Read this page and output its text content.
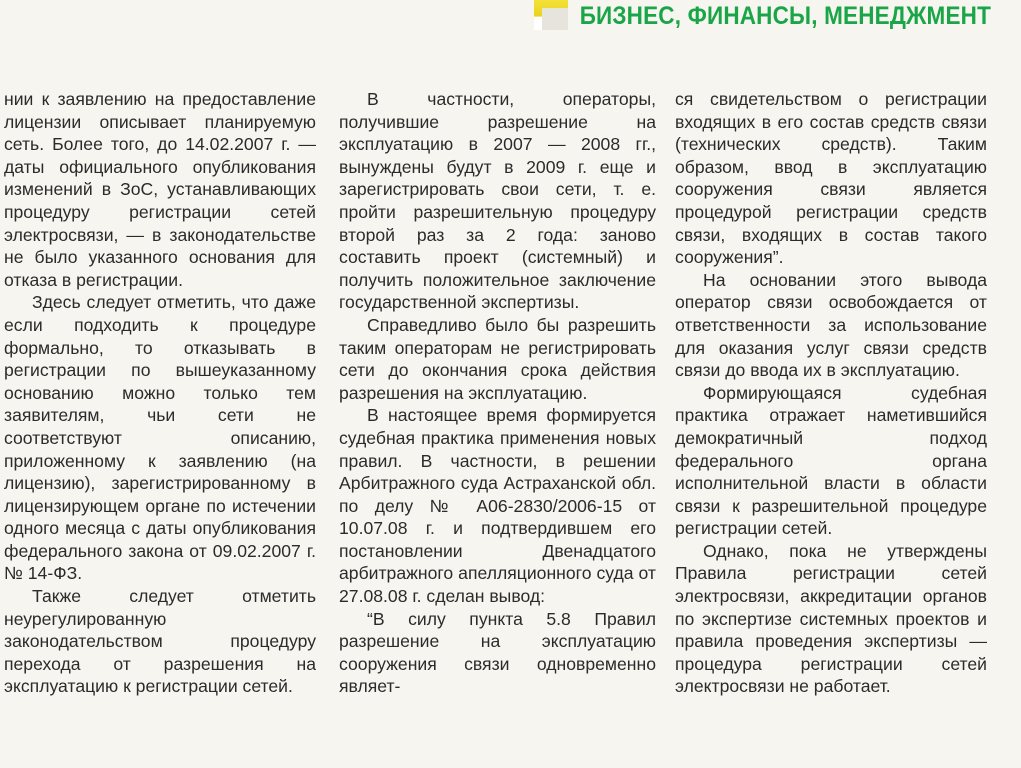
БИЗНЕС, ФИНАНСЫ, МЕНЕДЖМЕНТ

нии к заявлению на предоставление лицензии описывает планируемую сеть. Более того, до 14.02.2007 г. — даты официального опубликования изменений в ЗоС, устанавливающих процедуру регистрации сетей электросвязи, — в законодательстве не было указанного основания для отказа в регистрации.

Здесь следует отметить, что даже если подходить к процедуре формально, то отказывать в регистрации по вышеуказанному основанию можно только тем заявителям, чьи сети не соответствуют описанию, приложенному к заявлению (на лицензию), зарегистрированному в лицензирующем органе по истечении одного месяца с даты опубликования федерального закона от 09.02.2007 г. № 14-ФЗ.

Также следует отметить неурегулированную законодательством процедуру перехода от разрешения на эксплуатацию к регистрации сетей.

В частности, операторы, получившие разрешение на эксплуатацию в 2007 — 2008 гг., вынуждены будут в 2009 г. еще и зарегистрировать свои сети, т. е. пройти разрешительную процедуру второй раз за 2 года: заново составить проект (системный) и получить положительное заключение государственной экспертизы.

Справедливо было бы разрешить таким операторам не регистрировать сети до окончания срока действия разрешения на эксплуатацию.

В настоящее время формируется судебная практика применения новых правил. В частности, в решении Арбитражного суда Астраханской обл. по делу № А06-2830/2006-15 от 10.07.08 г. и подтвердившем его постановлении Двенадцатого арбитражного апелляционного суда от 27.08.08 г. сделан вывод:

“В силу пункта 5.8 Правил разрешение на эксплуатацию сооружения связи одновременно являет-

ся свидетельством о регистрации входящих в его состав средств связи (технических средств). Таким образом, ввод в эксплуатацию сооружения связи является процедурой регистрации средств связи, входящих в состав такого сооружения”.

На основании этого вывода оператор связи освобождается от ответственности за использование для оказания услуг связи средств связи до ввода их в эксплуатацию.

Формирующаяся судебная практика отражает наметившийся демократичный подход федерального органа исполнительной власти в области связи к разрешительной процедуре регистрации сетей.

Однако, пока не утверждены Правила регистрации сетей электросвязи, аккредитации органов по экспертизе системных проектов и правила проведения экспертизы — процедура регистрации сетей электросвязи не работает.
